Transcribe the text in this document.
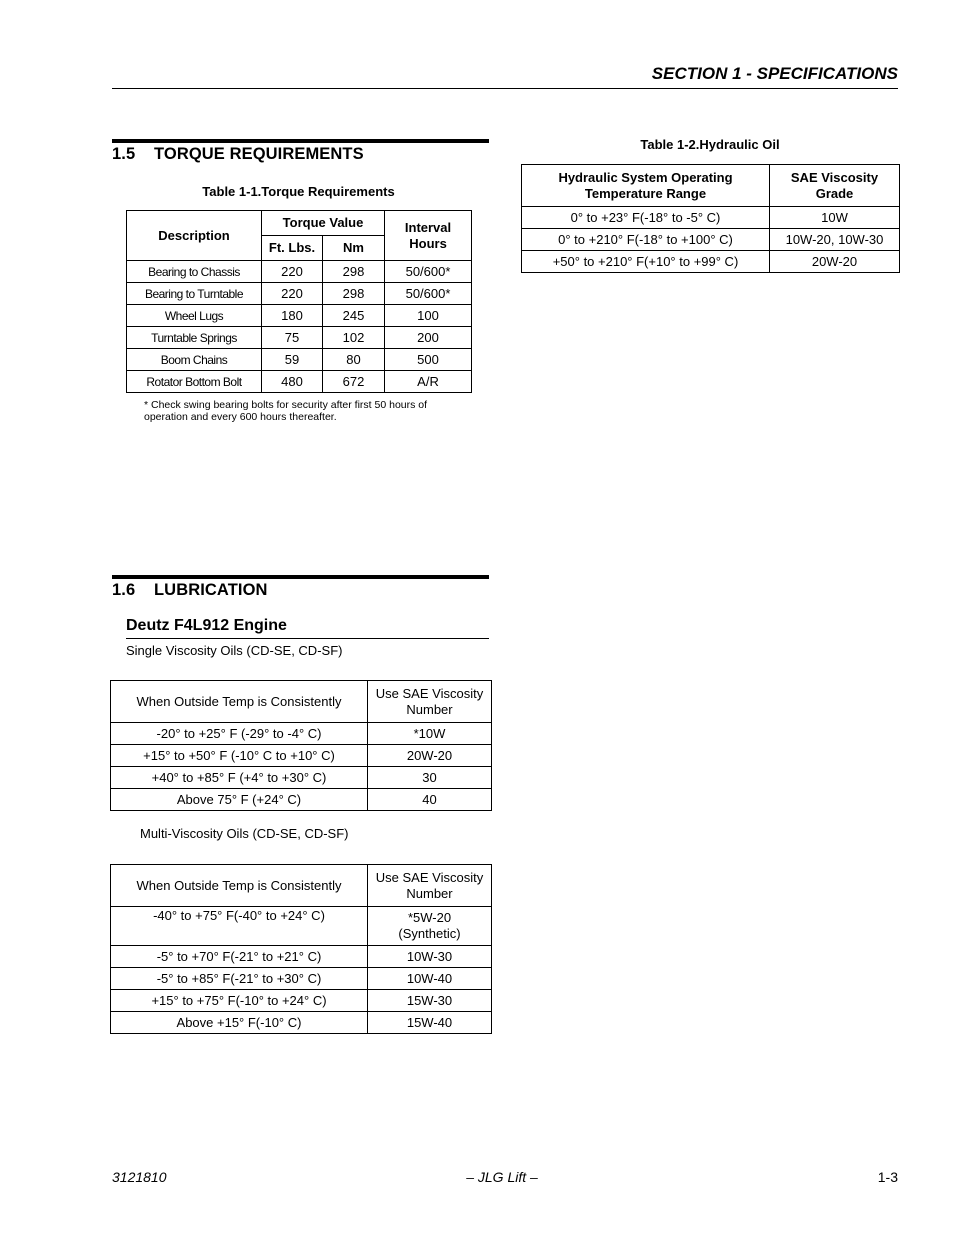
SECTION 1 - SPECIFICATIONS
1.5 TORQUE REQUIREMENTS
Table 1-1.Torque Requirements
Description	Torque Value		Interval Hours
	Ft. Lbs.	Nm	
Bearing to Chassis	220	298	50/600*
Bearing to Turntable	220	298	50/600*
Wheel Lugs	180	245	100
Turntable Springs	75	102	200
Boom Chains	59	80	500
Rotator Bottom Bolt	480	672	A/R
* Check swing bearing bolts for security after first 50 hours of operation and every 600 hours thereafter.
Table 1-2.Hydraulic Oil
Hydraulic System Operating Temperature Range	SAE Viscosity Grade
0° to +23° F(-18° to -5° C)	10W
0° to +210° F(-18° to +100° C)	10W-20, 10W-30
+50° to +210° F(+10° to +99° C)	20W-20
1.6 LUBRICATION
Deutz F4L912 Engine
Single Viscosity Oils (CD-SE, CD-SF)
When Outside Temp is Consistently	Use SAE Viscosity Number
-20° to +25° F (-29° to -4° C)	*10W
+15° to +50° F (-10° C to +10° C)	20W-20
+40° to +85° F (+4° to +30° C)	30
Above 75° F (+24° C)	40
Multi-Viscosity Oils (CD-SE, CD-SF)
When Outside Temp is Consistently	Use SAE Viscosity Number
-40° to +75° F(-40° to +24° C)	*5W-20 (Synthetic)
-5° to +70° F(-21° to +21° C)	10W-30
-5° to +85° F(-21° to +30° C)	10W-40
+15° to +75° F(-10° to +24° C)	15W-30
Above +15° F(-10° C)	15W-40
3121810	– JLG Lift –	1-3
